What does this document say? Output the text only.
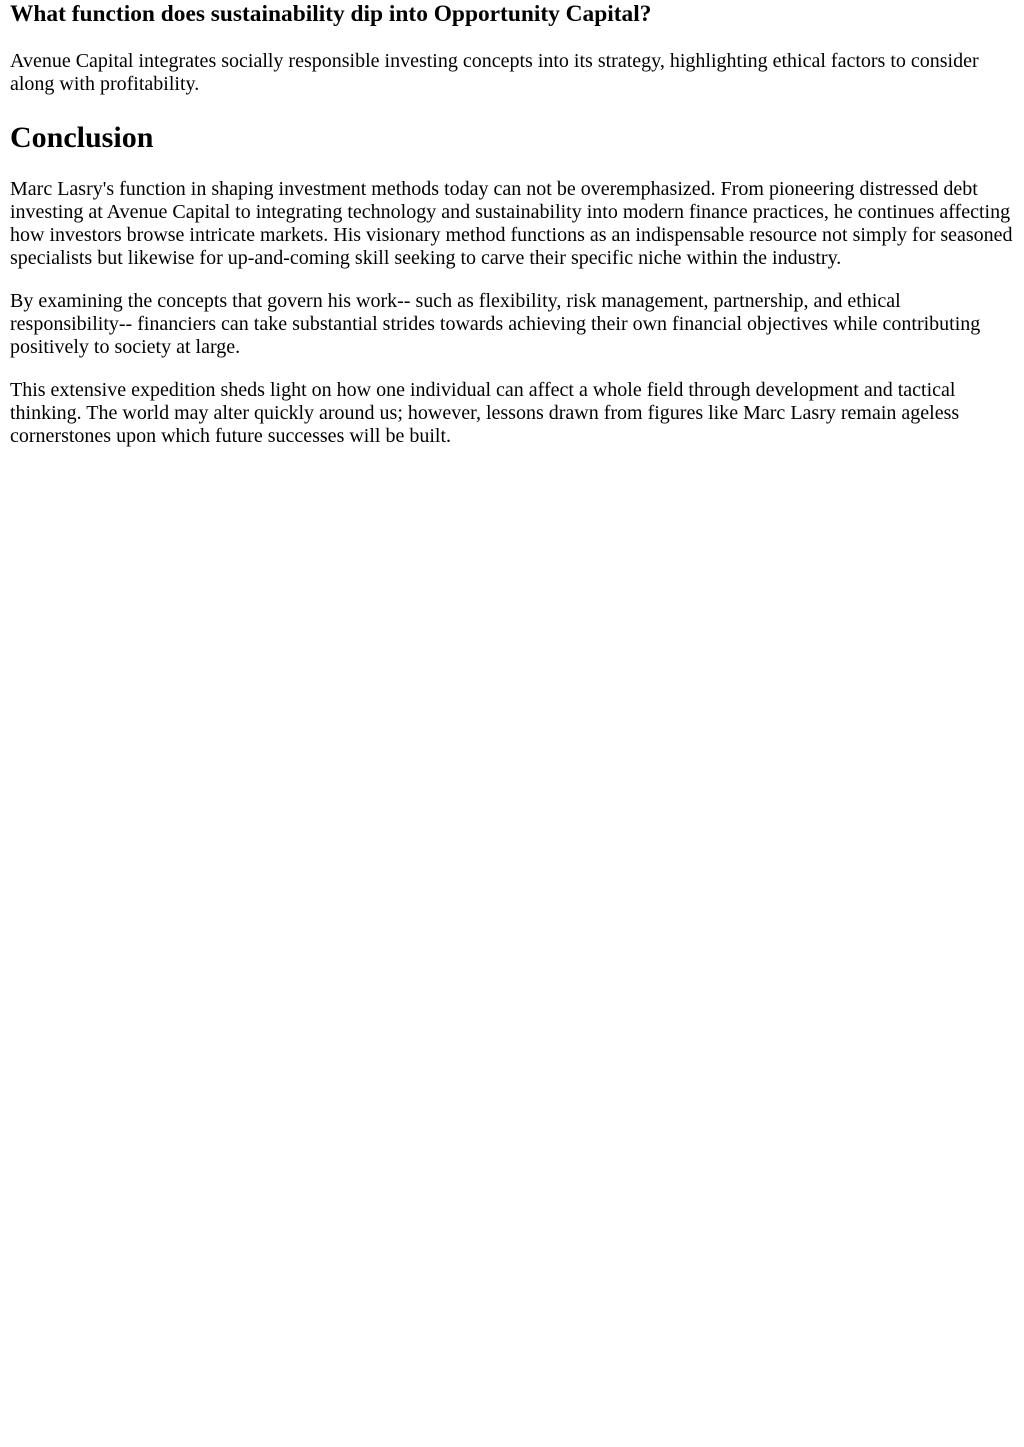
What function does sustainability dip into Opportunity Capital?

Avenue Capital integrates socially responsible investing concepts into its strategy, highlighting ethical factors to consider along with profitability.

Conclusion

Marc Lasry's function in shaping investment methods today can not be overemphasized. From pioneering distressed debt investing at Avenue Capital to integrating technology and sustainability into modern finance practices, he continues affecting how investors browse intricate markets. His visionary method functions as an indispensable resource not simply for seasoned specialists but likewise for up-and-coming skill seeking to carve their specific niche within the industry.

By examining the concepts that govern his work-- such as flexibility, risk management, partnership, and ethical responsibility-- financiers can take substantial strides towards achieving their own financial objectives while contributing positively to society at large.

This extensive expedition sheds light on how one individual can affect a whole field through development and tactical thinking. The world may alter quickly around us; however, lessons drawn from figures like Marc Lasry remain ageless cornerstones upon which future successes will be built.
